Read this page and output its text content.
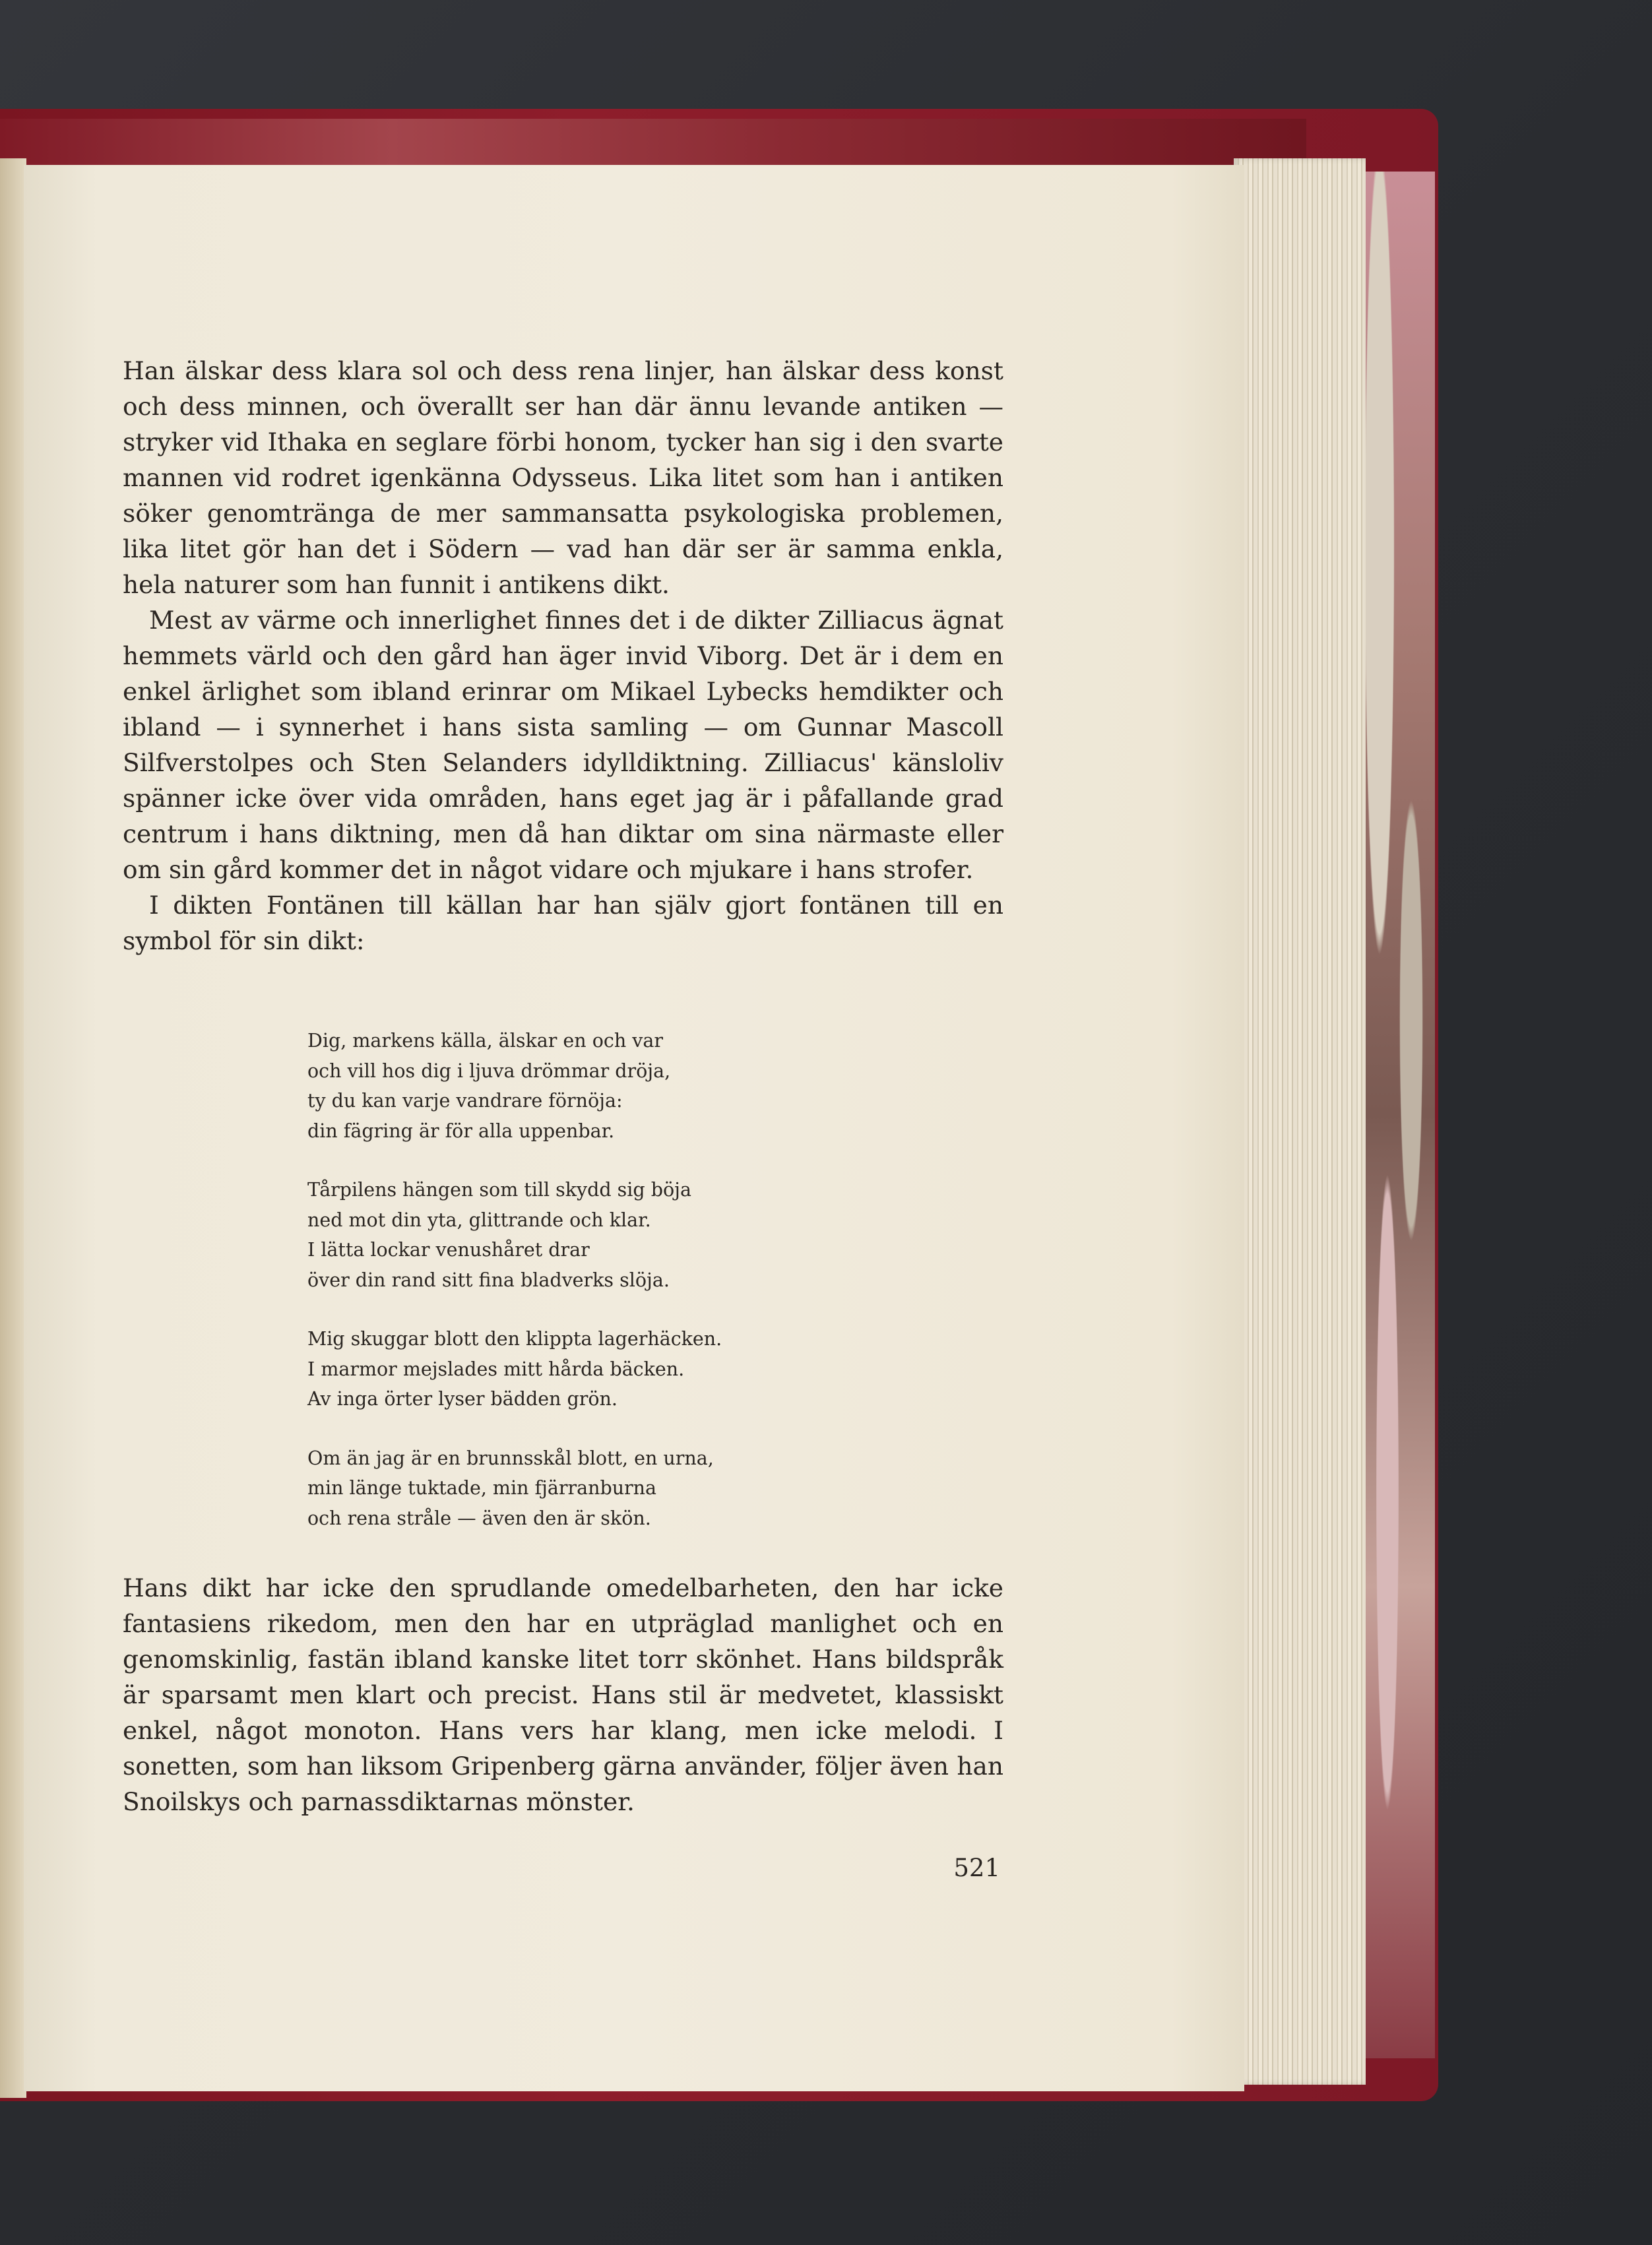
Han älskar dess klara sol och dess rena linjer, han älskar dess konst och dess minnen, och överallt ser han där ännu levande antiken — stryker vid Ithaka en seglare förbi honom, tycker han sig i den svarte mannen vid rodret igenkänna Odysseus. Lika litet som han i antiken söker genomtränga de mer sammansatta psykologiska problemen, lika litet gör han det i Södern — vad han där ser är samma enkla, hela naturer som han funnit i antikens dikt.

Mest av värme och innerlighet finnes det i de dikter Zilliacus ägnat hemmets värld och den gård han äger invid Viborg. Det är i dem en enkel ärlighet som ibland erinrar om Mikael Lybecks hemdikter och ibland — i synnerhet i hans sista samling — om Gunnar Mascoll Silfverstolpes och Sten Selanders idylldiktning. Zilliacus' känsloliv spänner icke över vida områden, hans eget jag är i påfallande grad centrum i hans diktning, men då han diktar om sina närmaste eller om sin gård kommer det in något vidare och mjukare i hans strofer.

I dikten Fontänen till källan har han själv gjort fontänen till en symbol för sin dikt:

Dig, markens källa, älskar en och var
och vill hos dig i ljuva drömmar dröja,
ty du kan varje vandrare förnöja:
din fägring är för alla uppenbar.
Tårpilens hängen som till skydd sig böja
ned mot din yta, glittrande och klar.
I lätta lockar venushåret drar
över din rand sitt fina bladverks slöja.
Mig skuggar blott den klippta lagerhäcken.
I marmor mejslades mitt hårda bäcken.
Av inga örter lyser bädden grön.
Om än jag är en brunnsskål blott, en urna,
min länge tuktade, min fjärranburna
och rena stråle — även den är skön.

Hans dikt har icke den sprudlande omedelbarheten, den har icke fantasiens rikedom, men den har en utpräglad manlighet och en genomskinlig, fastän ibland kanske litet torr skönhet. Hans bildspråk är sparsamt men klart och precist. Hans stil är medvetet, klassiskt enkel, något monoton. Hans vers har klang, men icke melodi. I sonetten, som han liksom Gripenberg gärna använder, följer även han Snoilskys och parnassdiktarnas mönster.

521
